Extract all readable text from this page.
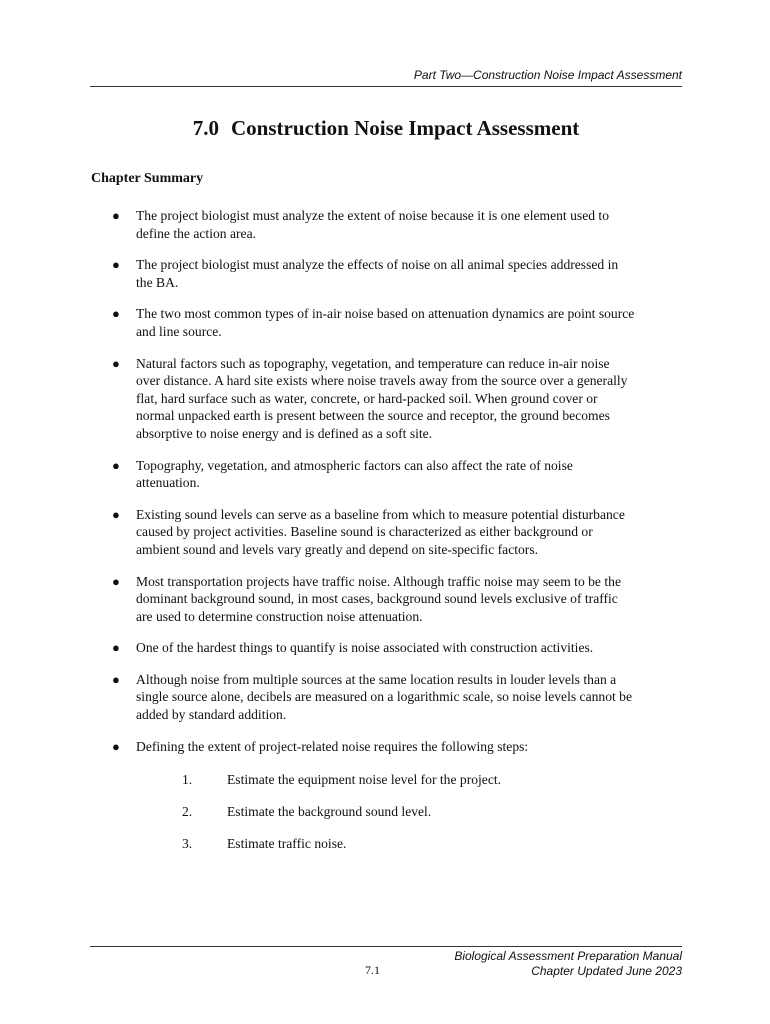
Part Two—Construction Noise Impact Assessment
7.0 Construction Noise Impact Assessment
Chapter Summary
● The project biologist must analyze the extent of noise because it is one element used to define the action area.
● The project biologist must analyze the effects of noise on all animal species addressed in the BA.
● The two most common types of in-air noise based on attenuation dynamics are point source and line source.
● Natural factors such as topography, vegetation, and temperature can reduce in-air noise over distance. A hard site exists where noise travels away from the source over a generally flat, hard surface such as water, concrete, or hard-packed soil. When ground cover or normal unpacked earth is present between the source and receptor, the ground becomes absorptive to noise energy and is defined as a soft site.
● Topography, vegetation, and atmospheric factors can also affect the rate of noise attenuation.
● Existing sound levels can serve as a baseline from which to measure potential disturbance caused by project activities. Baseline sound is characterized as either background or ambient sound and levels vary greatly and depend on site-specific factors.
● Most transportation projects have traffic noise. Although traffic noise may seem to be the dominant background sound, in most cases, background sound levels exclusive of traffic are used to determine construction noise attenuation.
● One of the hardest things to quantify is noise associated with construction activities.
● Although noise from multiple sources at the same location results in louder levels than a single source alone, decibels are measured on a logarithmic scale, so noise levels cannot be added by standard addition.
● Defining the extent of project-related noise requires the following steps:
1.	Estimate the equipment noise level for the project.
2.	Estimate the background sound level.
3.	Estimate traffic noise.
Biological Assessment Preparation Manual
Chapter Updated June 2023
7.1
